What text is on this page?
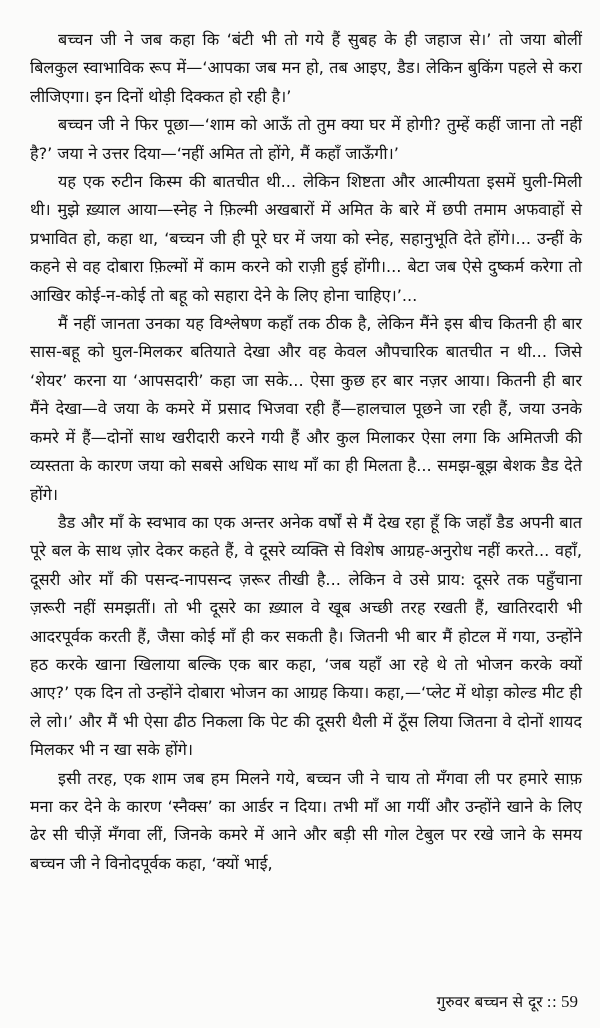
बच्चन जी ने जब कहा कि ‘बंटी भी तो गये हैं सुबह के ही जहाज से।’ तो जया बोलीं बिलकुल स्वाभाविक रूप में—‘आपका जब मन हो, तब आइए, डैड। लेकिन बुकिंग पहले से करा लीजिएगा। इन दिनों थोड़ी दिक्कत हो रही है।’

बच्चन जी ने फिर पूछा—‘शाम को आऊँ तो तुम क्या घर में होगी? तुम्हें कहीं जाना तो नहीं है?’ जया ने उत्तर दिया—‘नहीं अमित तो होंगे, मैं कहाँ जाऊँगी।’

यह एक रुटीन किस्म की बातचीत थी... लेकिन शिष्टता और आत्मीयता इसमें घुली-मिली थी। मुझे ख़्याल आया—स्नेह ने फ़िल्मी अखबारों में अमित के बारे में छपी तमाम अफवाहों से प्रभावित हो, कहा था, ‘बच्चन जी ही पूरे घर में जया को स्नेह, सहानुभूति देते होंगे।... उन्हीं के कहने से वह दोबारा फ़िल्मों में काम करने को राज़ी हुई होंगी।... बेटा जब ऐसे दुष्कर्म करेगा तो आखिर कोई-न-कोई तो बहू को सहारा देने के लिए होना चाहिए।’...

मैं नहीं जानता उनका यह विश्लेषण कहाँ तक ठीक है, लेकिन मैंने इस बीच कितनी ही बार सास-बहू को घुल-मिलकर बतियाते देखा और वह केवल औपचारिक बातचीत न थी... जिसे ‘शेयर’ करना या ‘आपसदारी’ कहा जा सके... ऐसा कुछ हर बार नज़र आया। कितनी ही बार मैंने देखा—वे जया के कमरे में प्रसाद भिजवा रही हैं—हालचाल पूछने जा रही हैं, जया उनके कमरे में हैं—दोनों साथ खरीदारी करने गयी हैं और कुल मिलाकर ऐसा लगा कि अमितजी की व्यस्तता के कारण जया को सबसे अधिक साथ माँ का ही मिलता है... समझ-बूझ बेशक डैड देते होंगे।

डैड और माँ के स्वभाव का एक अन्तर अनेक वर्षों से मैं देख रहा हूँ कि जहाँ डैड अपनी बात पूरे बल के साथ ज़ोर देकर कहते हैं, वे दूसरे व्यक्ति से विशेष आग्रह-अनुरोध नहीं करते... वहाँ, दूसरी ओर माँ की पसन्द-नापसन्द ज़रूर तीखी है... लेकिन वे उसे प्राय: दूसरे तक पहुँचाना ज़रूरी नहीं समझतीं। तो भी दूसरे का ख़्याल वे खूब अच्छी तरह रखती हैं, खातिरदारी भी आदरपूर्वक करती हैं, जैसा कोई माँ ही कर सकती है। जितनी भी बार मैं होटल में गया, उन्होंने हठ करके खाना खिलाया बल्कि एक बार कहा, ‘जब यहाँ आ रहे थे तो भोजन करके क्यों आए?’ एक दिन तो उन्होंने दोबारा भोजन का आग्रह किया। कहा,—‘प्लेट में थोड़ा कोल्ड मीट ही ले लो।’ और मैं भी ऐसा ढीठ निकला कि पेट की दूसरी थैली में ठूँस लिया जितना वे दोनों शायद मिलकर भी न खा सके होंगे।

इसी तरह, एक शाम जब हम मिलने गये, बच्चन जी ने चाय तो मँगवा ली पर हमारे साफ़ मना कर देने के कारण ‘स्नैक्स’ का आर्डर न दिया। तभी माँ आ गयीं और उन्होंने खाने के लिए ढेर सी चीज़ें मँगवा लीं, जिनके कमरे में आने और बड़ी सी गोल टेबुल पर रखे जाने के समय बच्चन जी ने विनोदपूर्वक कहा, ‘क्यों भाई,

गुरुवर बच्चन से दूर :: 59
